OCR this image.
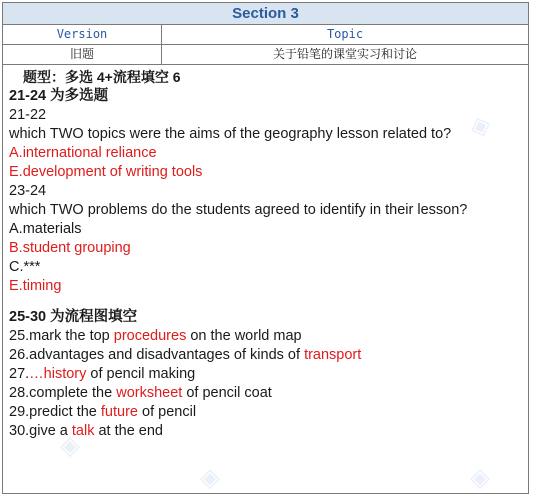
Section 3
Version	Topic
旧题	关于铅笔的课堂实习和讨论
题型：多选 4+流程填空 6
21-24 为多选题
21-22
which TWO topics were the aims of the geography lesson related to?
A.international reliance
E.development of writing tools
23-24
which TWO problems do the students agreed to identify in their lesson?
A.materials
B.student grouping
C.***
E.timing
25-30 为流程图填空
25.mark the top procedures on the world map
26.advantages and disadvantages of kinds of transport
27.…history of pencil making
28.complete the worksheet of pencil coat
29.predict the future of pencil
30.give a talk at the end
◈
◈
◈	◈
